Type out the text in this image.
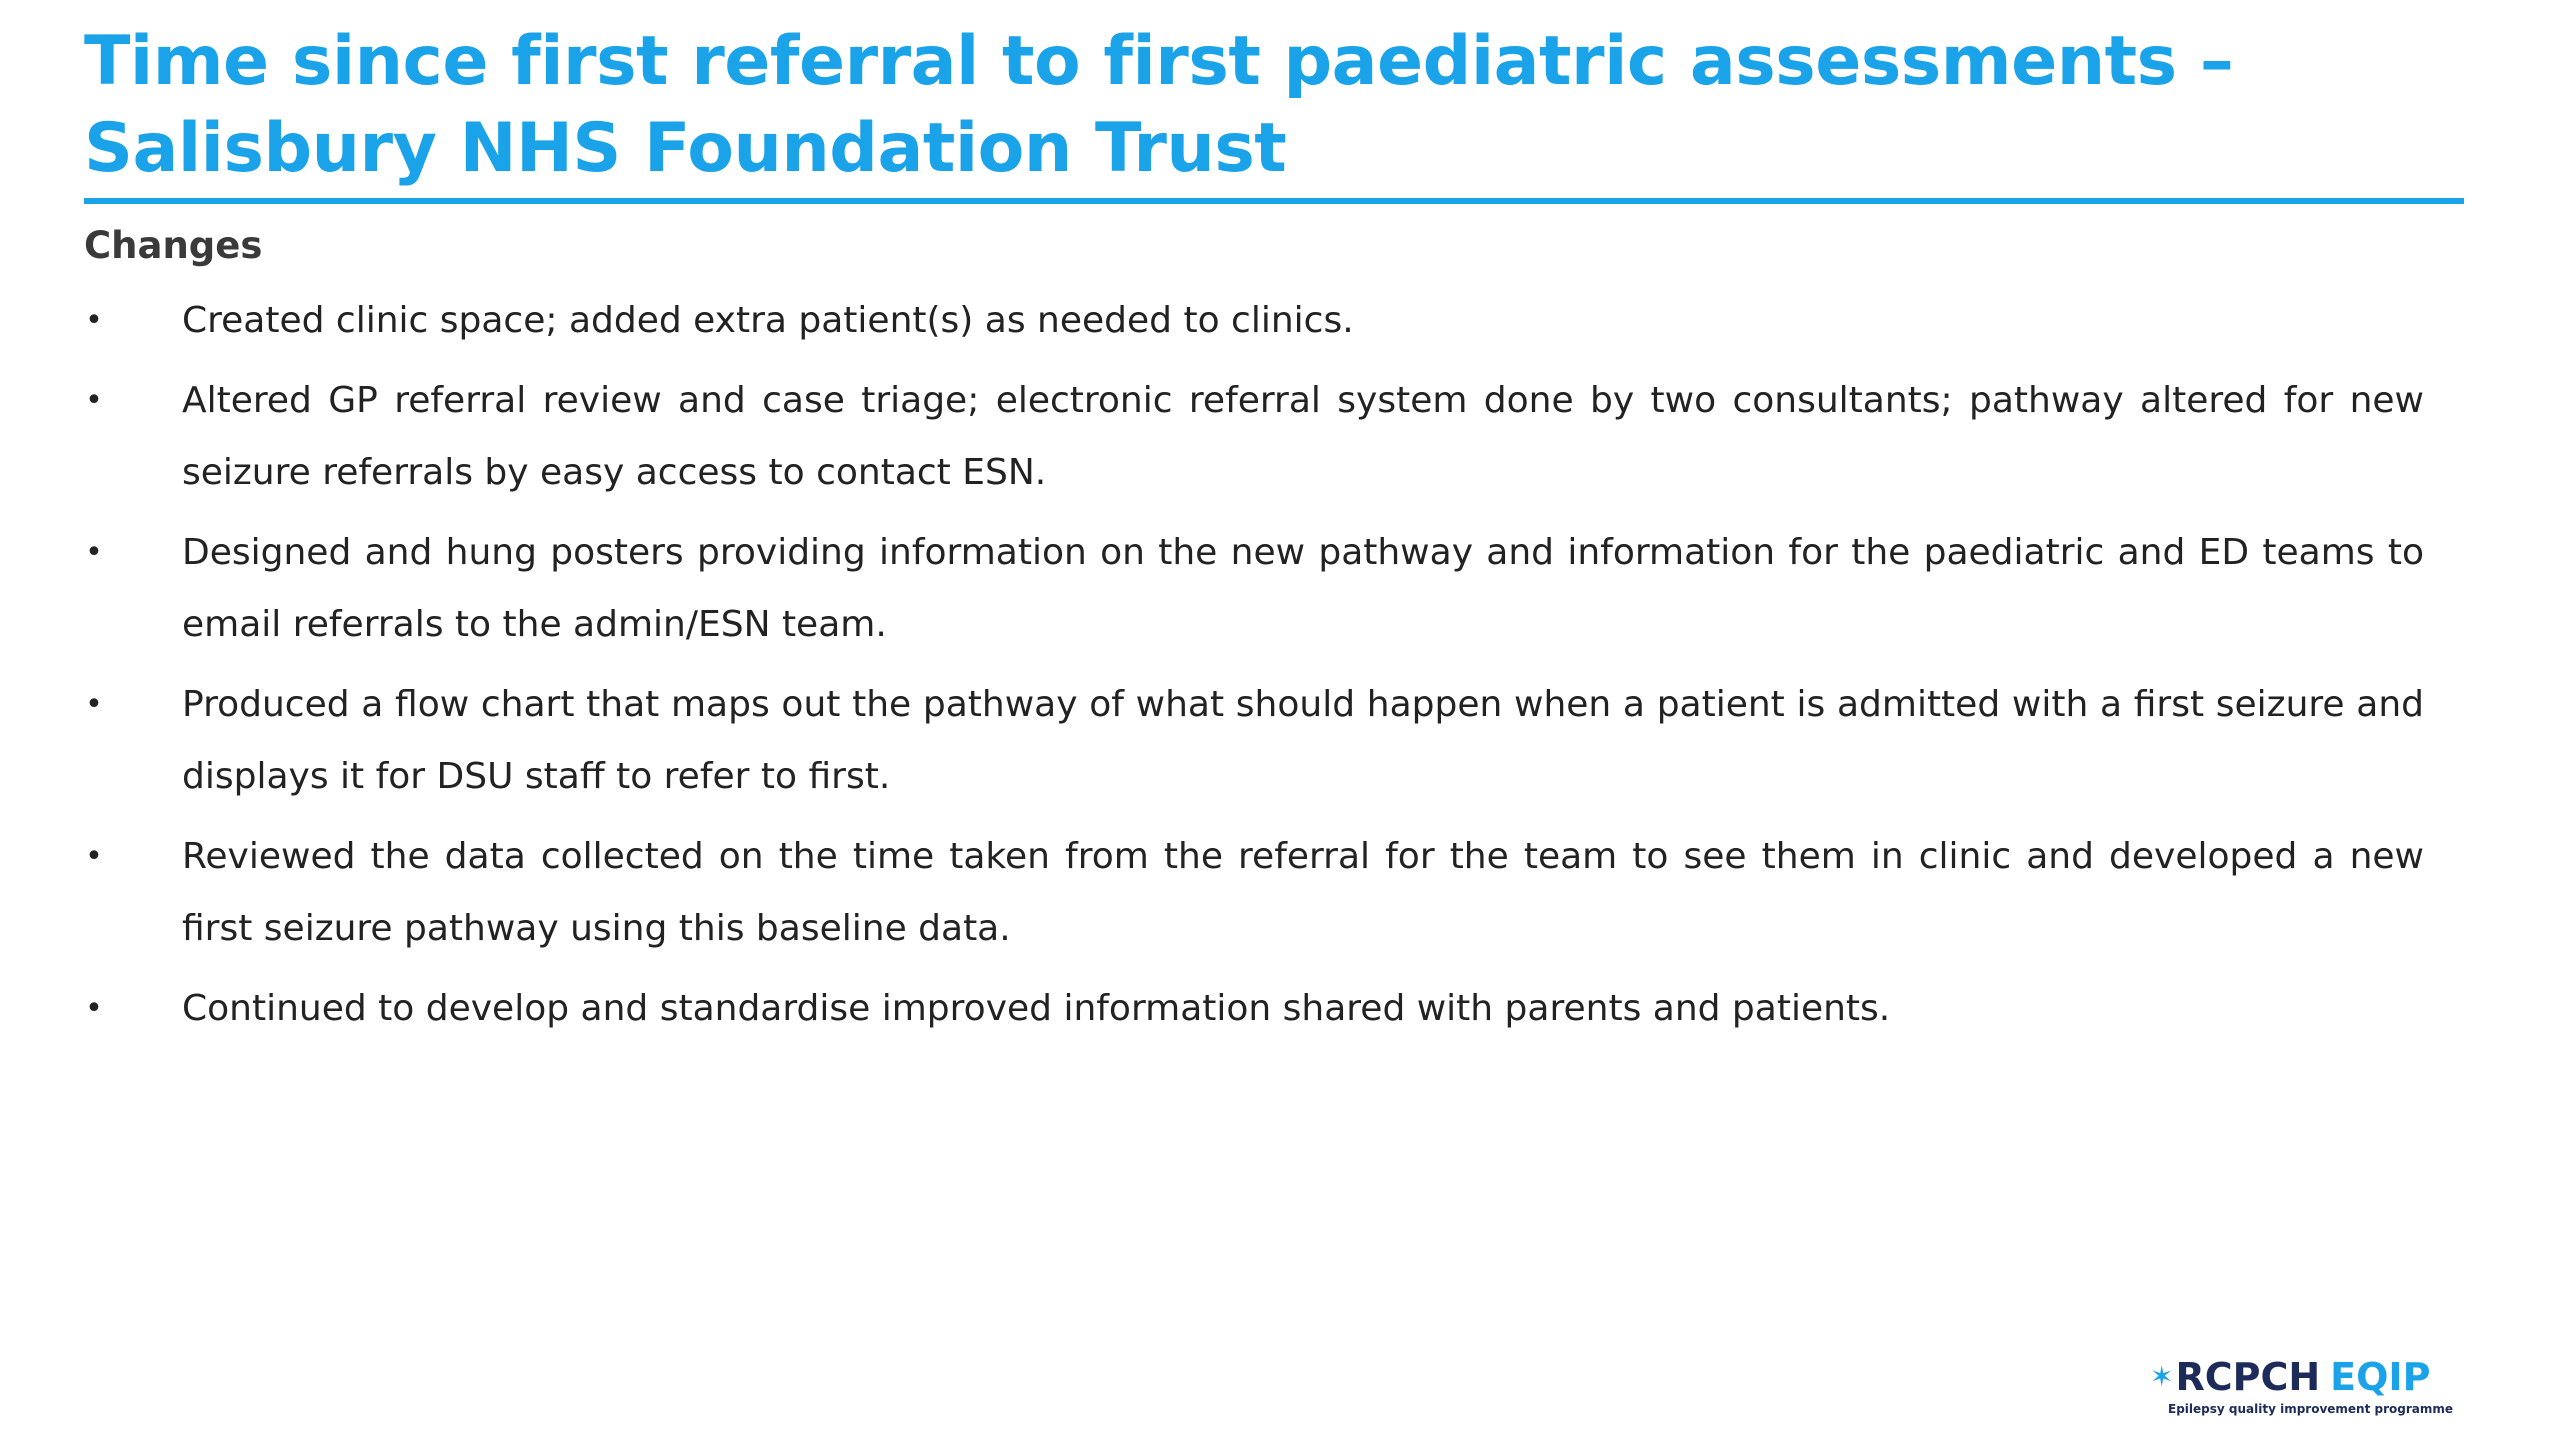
Time since first referral to first paediatric assessments –
Salisbury NHS Foundation Trust
Changes
• Created clinic space; added extra patient(s) as needed to clinics.
• Altered GP referral review and case triage; electronic referral system done by two consultants; pathway altered for new seizure referrals by easy access to contact ESN.
• Designed and hung posters providing information on the new pathway and information for the paediatric and ED teams to email referrals to the admin/ESN team.
• Produced a flow chart that maps out the pathway of what should happen when a patient is admitted with a first seizure and displays it for DSU staff to refer to first.
• Reviewed the data collected on the time taken from the referral for the team to see them in clinic and developed a new first seizure pathway using this baseline data.
• Continued to develop and standardise improved information shared with parents and patients.
✶RCPCH EQIP
Epilepsy quality improvement programme
